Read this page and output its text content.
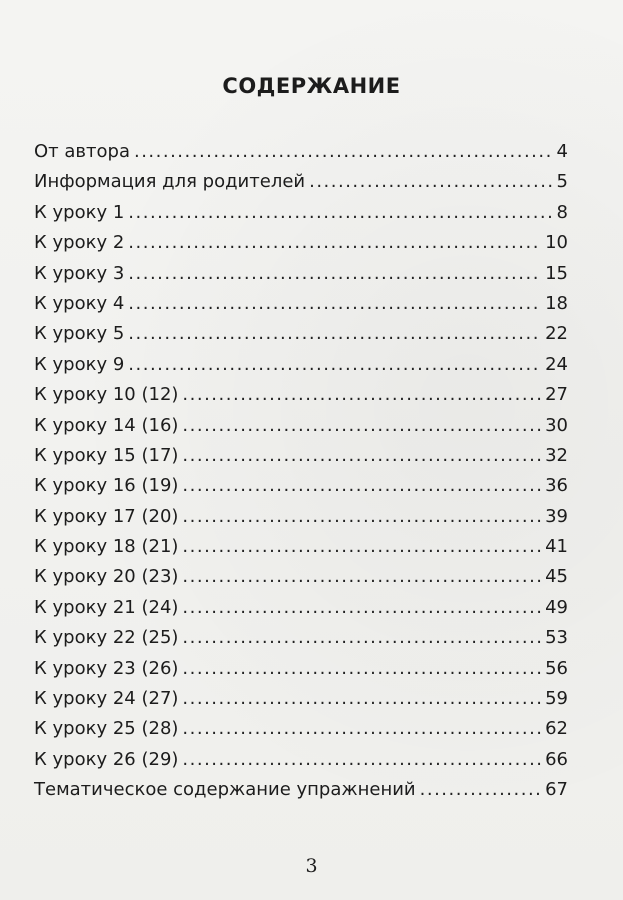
СОДЕРЖАНИЕ
От автора .....	4
Информация для родителей .....	5
К уроку 1 .....	8
К уроку 2 .....	10
К уроку 3 .....	15
К уроку 4 .....	18
К уроку 5 .....	22
К уроку 9 .....	24
К уроку 10 (12) .....	27
К уроку 14 (16) .....	30
К уроку 15 (17) .....	32
К уроку 16 (19) .....	36
К уроку 17 (20) .....	39
К уроку 18 (21) .....	41
К уроку 20 (23) .....	45
К уроку 21 (24) .....	49
К уроку 22 (25) .....	53
К уроку 23 (26) .....	56
К уроку 24 (27) .....	59
К уроку 25 (28) .....	62
К уроку 26 (29) .....	66
Тематическое содержание упражнений .....	67
3
